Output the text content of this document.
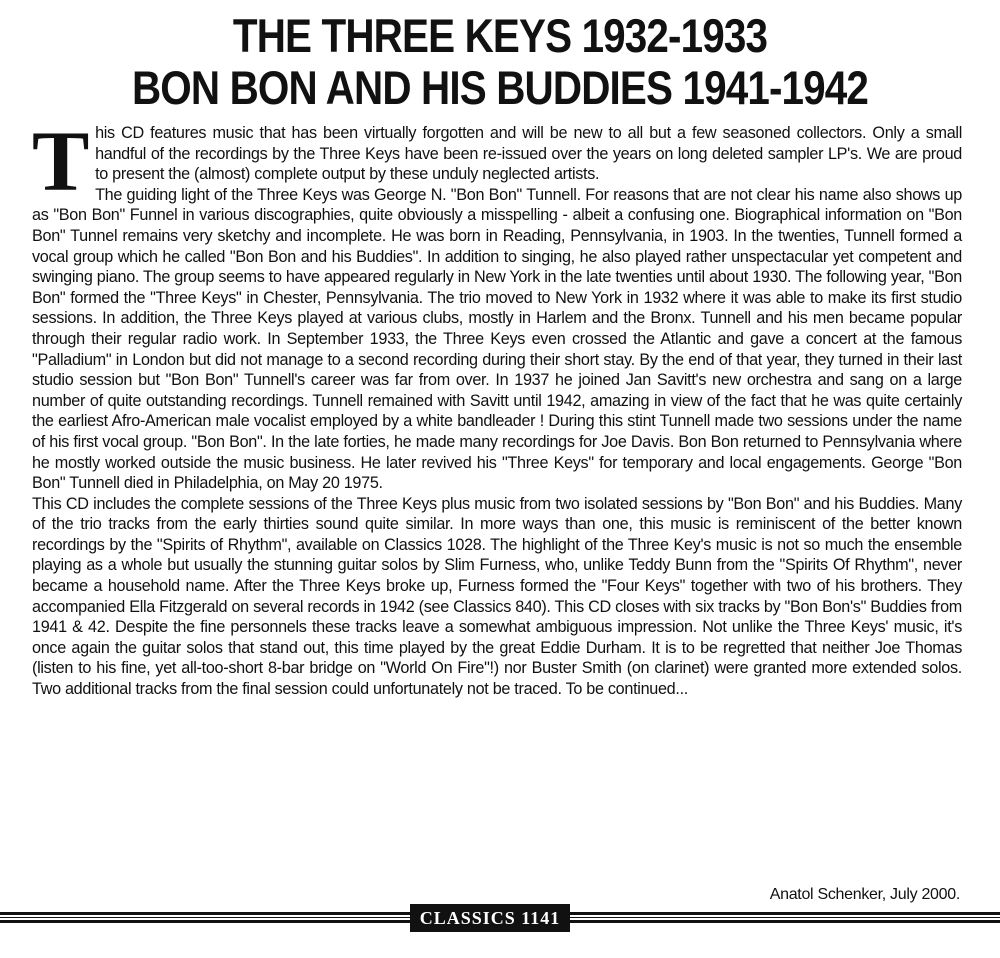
THE THREE KEYS 1932-1933
BON BON AND HIS BUDDIES 1941-1942

This CD features music that has been virtually forgotten and will be new to all but a few seasoned collectors. Only a small handful of the recordings by the Three Keys have been re-issued over the years on long deleted sampler LP's. We are proud to present the (almost) complete output by these unduly neglected artists.

The guiding light of the Three Keys was George N. "Bon Bon" Tunnell. For reasons that are not clear his name also shows up as "Bon Bon" Funnel in various discographies, quite obviously a misspelling - albeit a confusing one. Biographical information on "Bon Bon" Tunnel remains very sketchy and incomplete. He was born in Reading, Pennsylvania, in 1903. In the twenties, Tunnell formed a vocal group which he called "Bon Bon and his Buddies". In addition to singing, he also played rather unspectacular yet competent and swinging piano. The group seems to have appeared regularly in New York in the late twenties until about 1930. The following year, "Bon Bon" formed the "Three Keys" in Chester, Pennsylvania. The trio moved to New York in 1932 where it was able to make its first studio sessions. In addition, the Three Keys played at various clubs, mostly in Harlem and the Bronx. Tunnell and his men became popular through their regular radio work. In September 1933, the Three Keys even crossed the Atlantic and gave a concert at the famous "Palladium" in London but did not manage to a second recording during their short stay. By the end of that year, they turned in their last studio session but "Bon Bon" Tunnell's career was far from over. In 1937 he joined Jan Savitt's new orchestra and sang on a large number of quite outstanding recordings. Tunnell remained with Savitt until 1942, amazing in view of the fact that he was quite certainly the earliest Afro-American male vocalist employed by a white bandleader ! During this stint Tunnell made two sessions under the name of his first vocal group. "Bon Bon". In the late forties, he made many recordings for Joe Davis. Bon Bon returned to Pennsylvania where he mostly worked outside the music business. He later revived his "Three Keys" for temporary and local engagements. George "Bon Bon" Tunnell died in Philadelphia, on May 20 1975.

This CD includes the complete sessions of the Three Keys plus music from two isolated sessions by "Bon Bon" and his Buddies. Many of the trio tracks from the early thirties sound quite similar. In more ways than one, this music is reminiscent of the better known recordings by the "Spirits of Rhythm", available on Classics 1028. The highlight of the Three Key's music is not so much the ensemble playing as a whole but usually the stunning guitar solos by Slim Furness, who, unlike Teddy Bunn from the "Spirits Of Rhythm", never became a household name. After the Three Keys broke up, Furness formed the "Four Keys" together with two of his brothers. They accompanied Ella Fitzgerald on several records in 1942 (see Classics 840). This CD closes with six tracks by "Bon Bon's" Buddies from 1941 & 42. Despite the fine personnels these tracks leave a somewhat ambiguous impression. Not unlike the Three Keys' music, it's once again the guitar solos that stand out, this time played by the great Eddie Durham. It is to be regretted that neither Joe Thomas (listen to his fine, yet all-too-short 8-bar bridge on "World On Fire"!) nor Buster Smith (on clarinet) were granted more extended solos. Two additional tracks from the final session could unfortunately not be traced. To be continued...

Anatol Schenker, July 2000.
CLASSICS 1141
